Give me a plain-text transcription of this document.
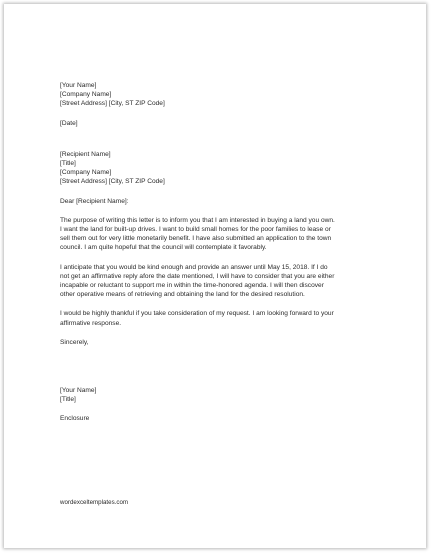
[Your Name]
[Company Name]
[Street Address] [City, ST ZIP Code]
[Date]
[Recipient Name]
[Title]
[Company Name]
[Street Address] [City, ST ZIP Code]
Dear [Recipient Name]:
The purpose of writing this letter is to inform you that I am interested in buying a land you own.
I want the land for built-up drives. I want to build small homes for the poor families to lease or
sell them out for very little monetarily benefit. I have also submitted an application to the town
council. I am quite hopeful that the council will contemplate it favorably.
I anticipate that you would be kind enough and provide an answer until May 15, 2018. If I do
not get an affirmative reply afore the date mentioned, I will have to consider that you are either
incapable or reluctant to support me in within the time-honored agenda. I will then discover
other operative means of retrieving and obtaining the land for the desired resolution.
I would be highly thankful if you take consideration of my request. I am looking forward to your
affirmative response.
Sincerely,
[Your Name]
[Title]
Enclosure
wordexceltemplates.com
